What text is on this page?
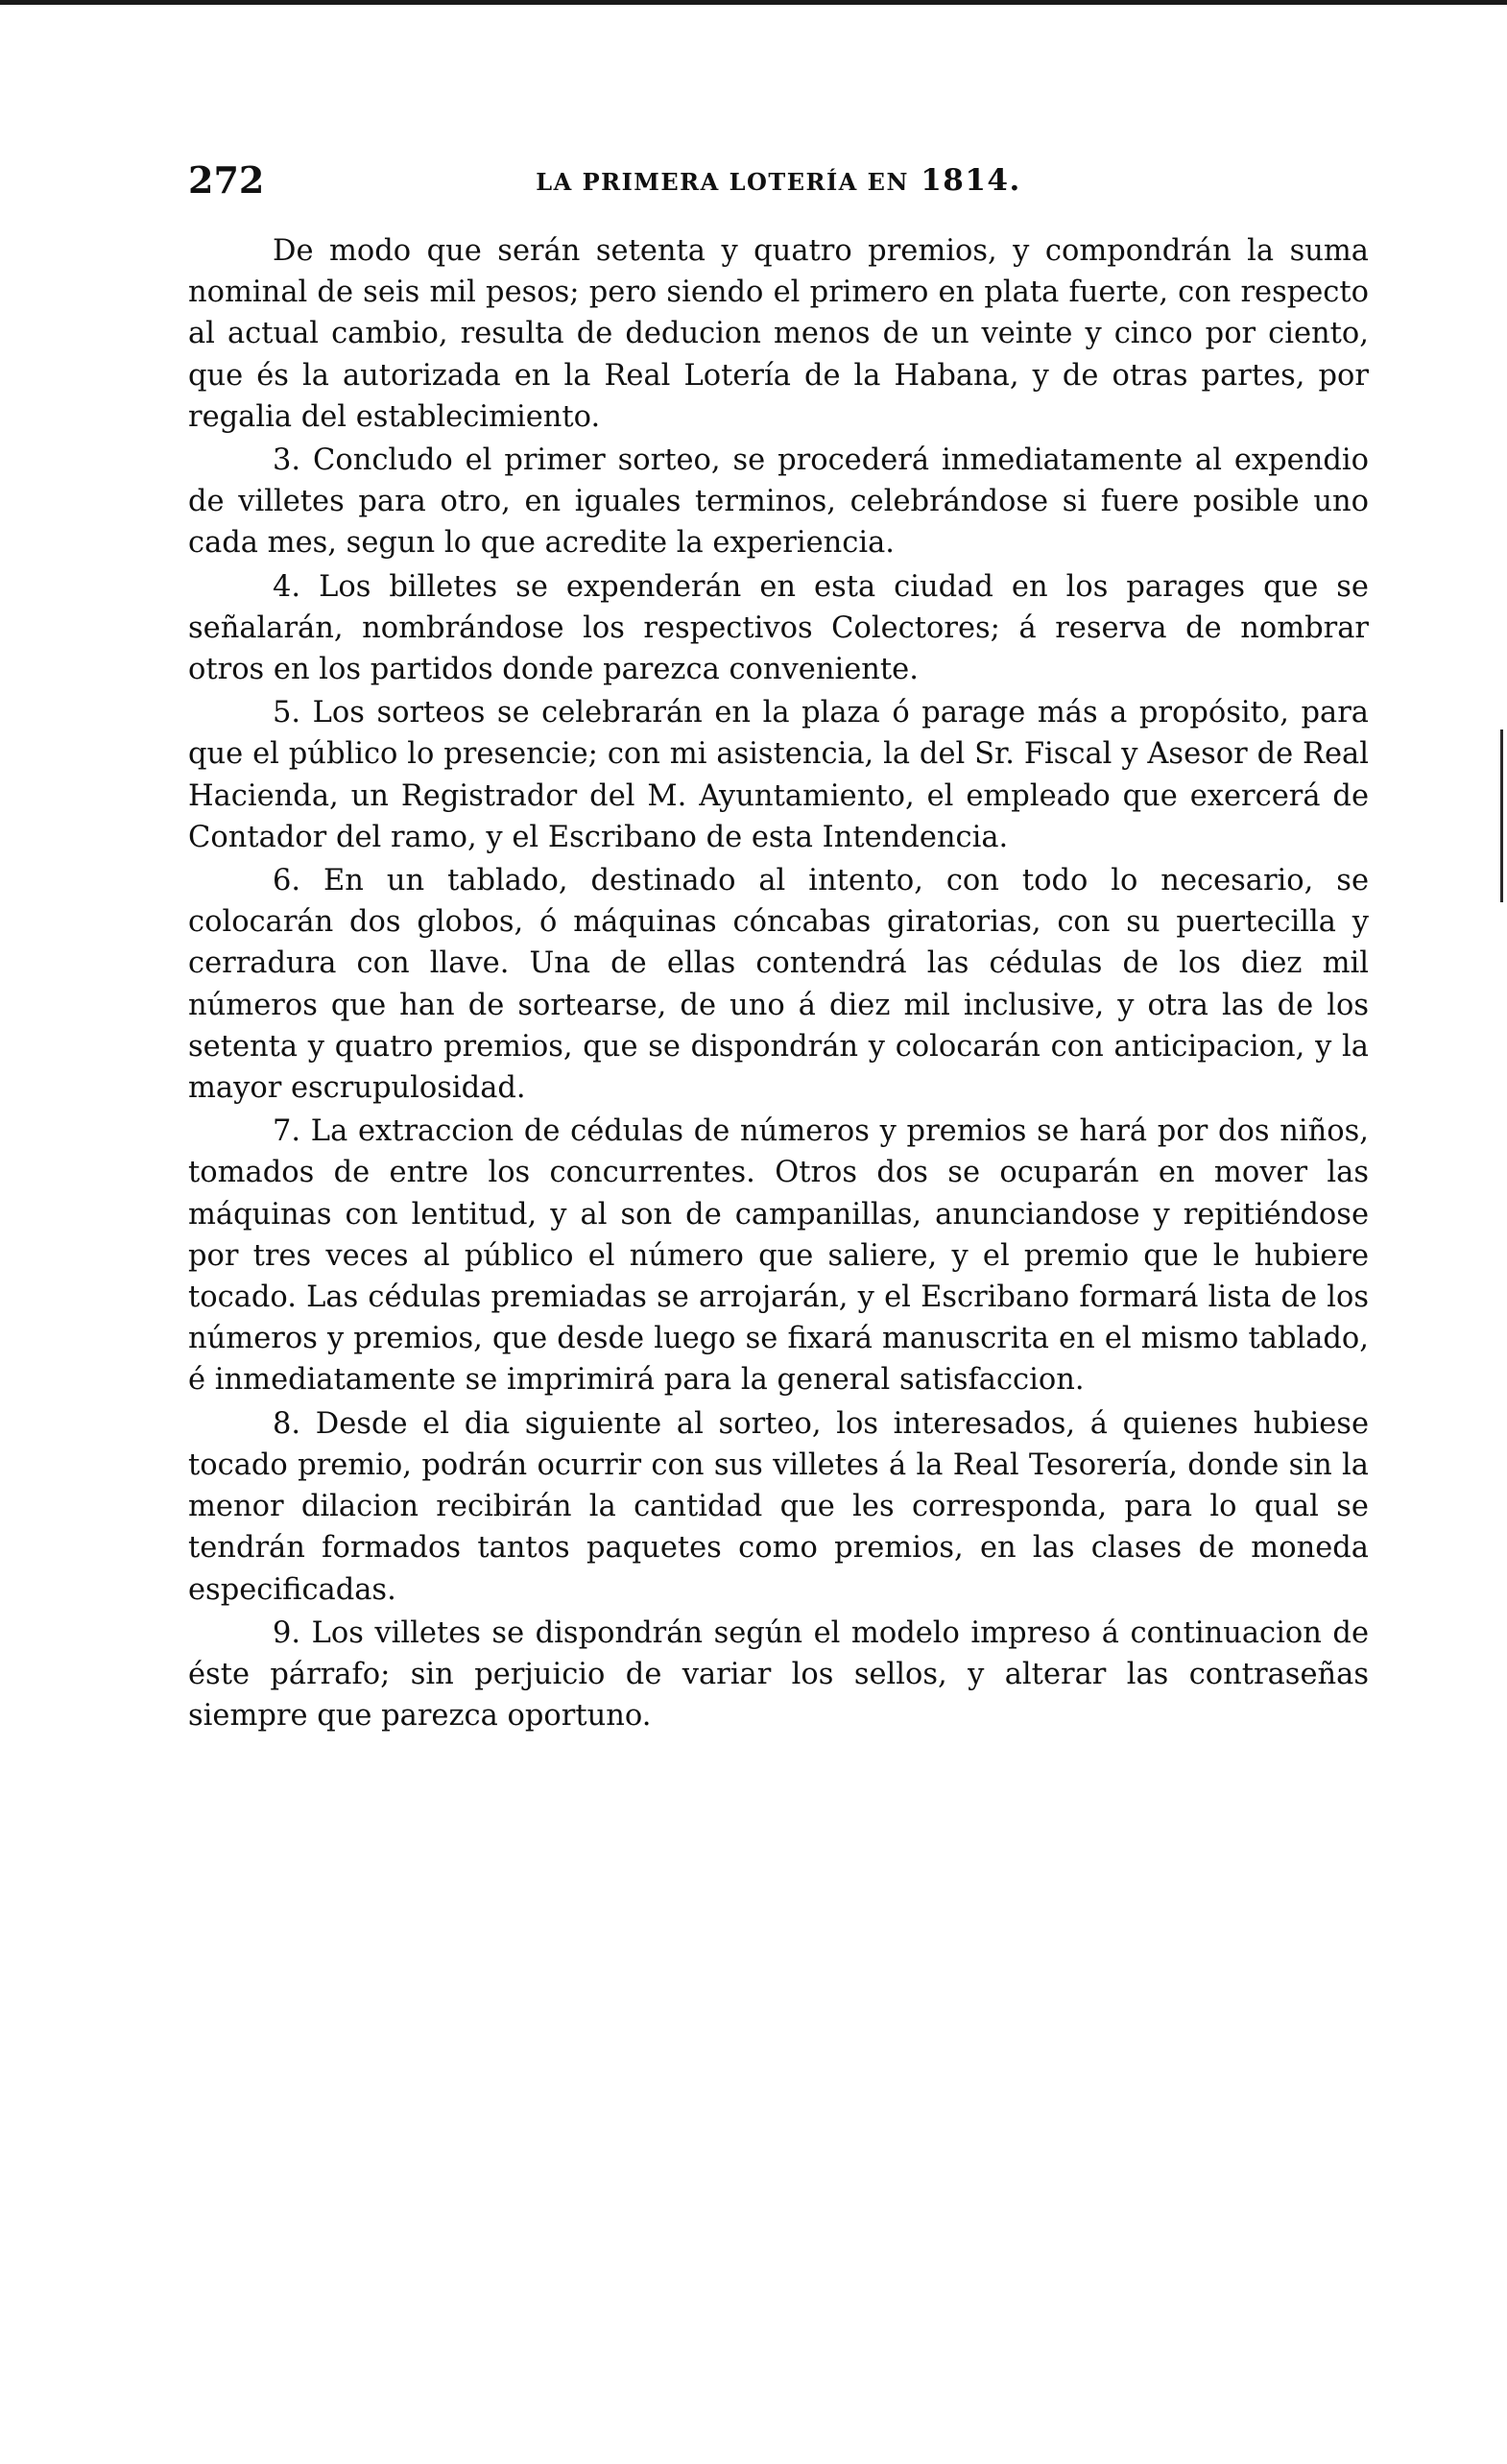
272	LA PRIMERA LOTERÍA EN 1814.

De modo que serán setenta y quatro premios, y compondrán la suma nominal de seis mil pesos; pero siendo el primero en plata fuerte, con respecto al actual cambio, resulta de deducion menos de un veinte y cinco por ciento, que és la autorizada en la Real Lotería de la Habana, y de otras partes, por regalia del establecimiento.

3. Concludo el primer sorteo, se procederá inmediatamente al expendio de villetes para otro, en iguales terminos, celebrándose si fuere posible uno cada mes, segun lo que acredite la experiencia.

4. Los billetes se expenderán en esta ciudad en los parages que se señalarán, nombrándose los respectivos Colectores; á reserva de nombrar otros en los partidos donde parezca conveniente.

5. Los sorteos se celebrarán en la plaza ó parage más a propósito, para que el público lo presencie; con mi asistencia, la del Sr. Fiscal y Asesor de Real Hacienda, un Registrador del M. Ayuntamiento, el empleado que exercerá de Contador del ramo, y el Escribano de esta Intendencia.

6. En un tablado, destinado al intento, con todo lo necesario, se colocarán dos globos, ó máquinas cóncabas giratorias, con su puertecilla y cerradura con llave. Una de ellas contendrá las cédulas de los diez mil números que han de sortearse, de uno á diez mil inclusive, y otra las de los setenta y quatro premios, que se dispondrán y colocarán con anticipacion, y la mayor escrupulosidad.

7. La extraccion de cédulas de números y premios se hará por dos niños, tomados de entre los concurrentes. Otros dos se ocuparán en mover las máquinas con lentitud, y al son de campanillas, anunciandose y repitiéndose por tres veces al público el número que saliere, y el premio que le hubiere tocado. Las cédulas premiadas se arrojarán, y el Escribano formará lista de los números y premios, que desde luego se fixará manuscrita en el mismo tablado, é inmediatamente se imprimirá para la general satisfaccion.

8. Desde el dia siguiente al sorteo, los interesados, á quienes hubiese tocado premio, podrán ocurrir con sus villetes á la Real Tesorería, donde sin la menor dilacion recibirán la cantidad que les corresponda, para lo qual se tendrán formados tantos paquetes como premios, en las clases de moneda especificadas.

9. Los villetes se dispondrán según el modelo impreso á continuacion de éste párrafo; sin perjuicio de variar los sellos, y alterar las contraseñas siempre que parezca oportuno.
